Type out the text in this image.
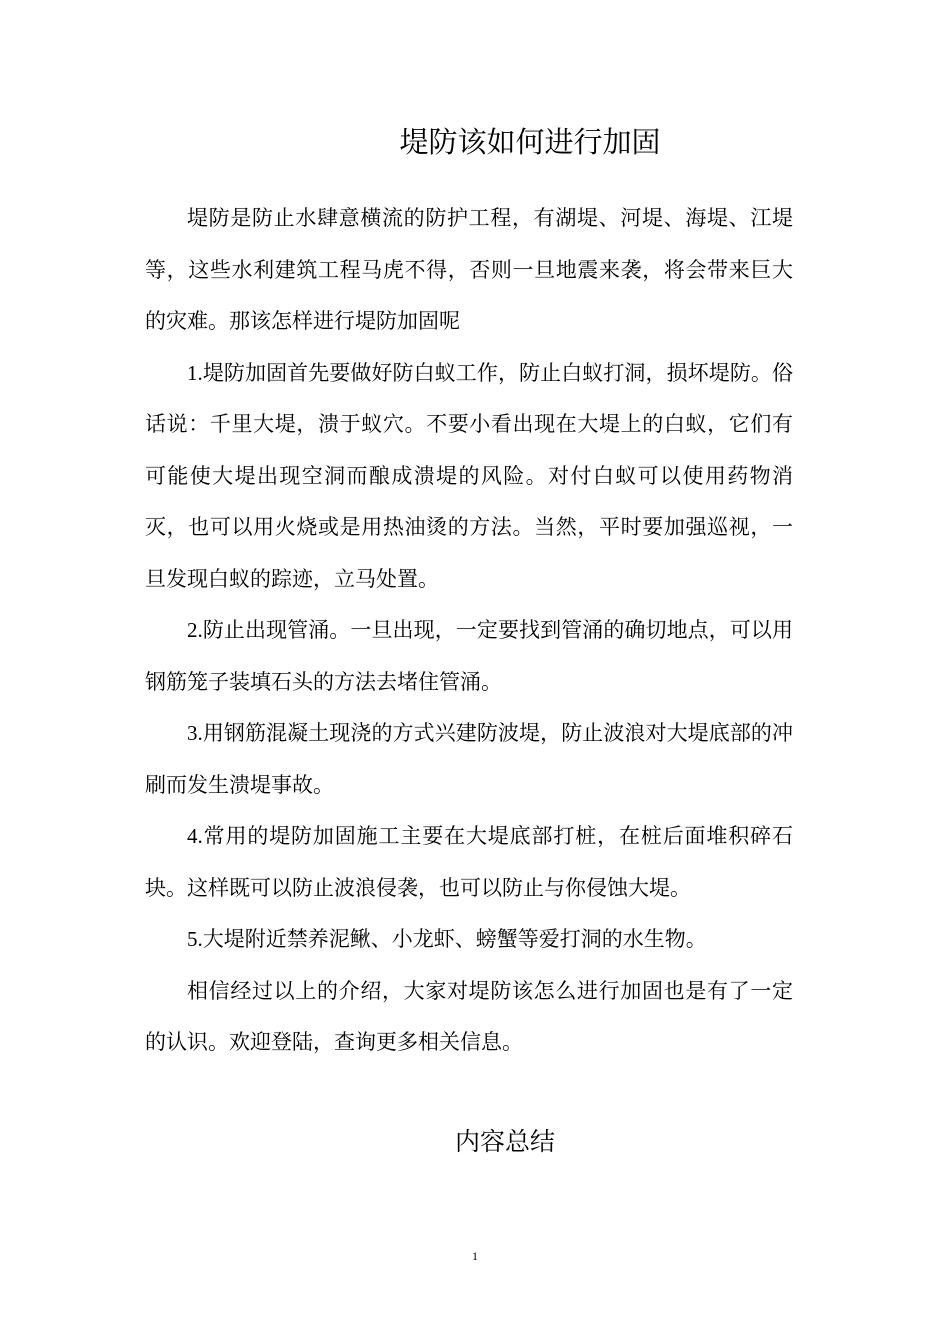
堤防该如何进行加固

堤防是防止水肆意横流的防护工程，有湖堤、河堤、海堤、江堤等，这些水利建筑工程马虎不得，否则一旦地震来袭，将会带来巨大的灾难。那该怎样进行堤防加固呢

1.堤防加固首先要做好防白蚁工作，防止白蚁打洞，损坏堤防。俗话说：千里大堤，溃于蚁穴。不要小看出现在大堤上的白蚁，它们有可能使大堤出现空洞而酿成溃堤的风险。对付白蚁可以使用药物消灭，也可以用火烧或是用热油烫的方法。当然，平时要加强巡视，一旦发现白蚁的踪迹，立马处置。

2.防止出现管涌。一旦出现，一定要找到管涌的确切地点，可以用钢筋笼子装填石头的方法去堵住管涌。

3.用钢筋混凝土现浇的方式兴建防波堤，防止波浪对大堤底部的冲刷而发生溃堤事故。

4.常用的堤防加固施工主要在大堤底部打桩，在桩后面堆积碎石块。这样既可以防止波浪侵袭，也可以防止与你侵蚀大堤。

5.大堤附近禁养泥鳅、小龙虾、螃蟹等爱打洞的水生物。

相信经过以上的介绍，大家对堤防该怎么进行加固也是有了一定的认识。欢迎登陆，查询更多相关信息。

内容总结
1
